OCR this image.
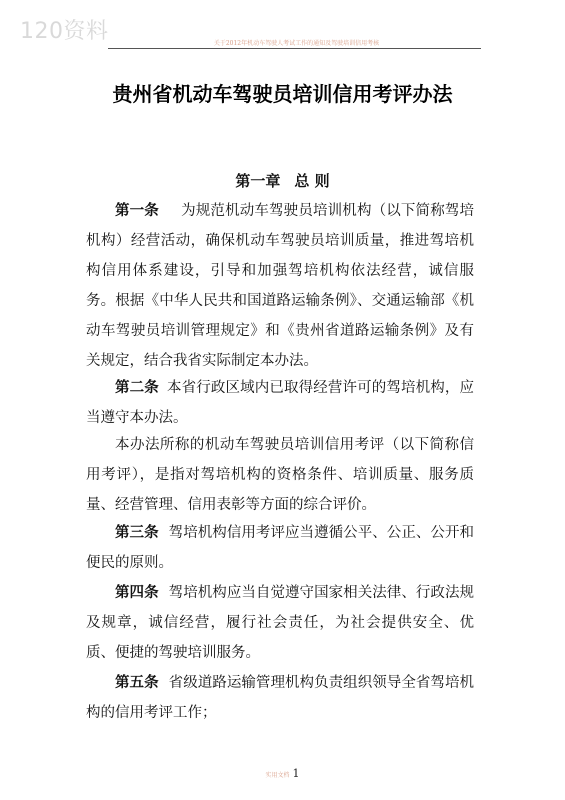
120资料	关于2012年机动车驾驶人考试工作的通知及驾驶培训信用考核
贵州省机动车驾驶员培训信用考评办法
第一章 总 则
第一条 为规范机动车驾驶员培训机构（以下简称驾培机构）经营活动，确保机动车驾驶员培训质量，推进驾培机构信用体系建设，引导和加强驾培机构依法经营，诚信服务。根据《中华人民共和国道路运输条例》、交通运输部《机动车驾驶员培训管理规定》和《贵州省道路运输条例》及有关规定，结合我省实际制定本办法。
第二条 本省行政区域内已取得经营许可的驾培机构，应当遵守本办法。
本办法所称的机动车驾驶员培训信用考评（以下简称信用考评），是指对驾培机构的资格条件、培训质量、服务质量、经营管理、信用表彰等方面的综合评价。
第三条 驾培机构信用考评应当遵循公平、公正、公开和便民的原则。
第四条 驾培机构应当自觉遵守国家相关法律、行政法规及规章，诚信经营，履行社会责任，为社会提供安全、优质、便捷的驾驶培训服务。
第五条 省级道路运输管理机构负责组织领导全省驾培机构的信用考评工作；
实用文档 1
